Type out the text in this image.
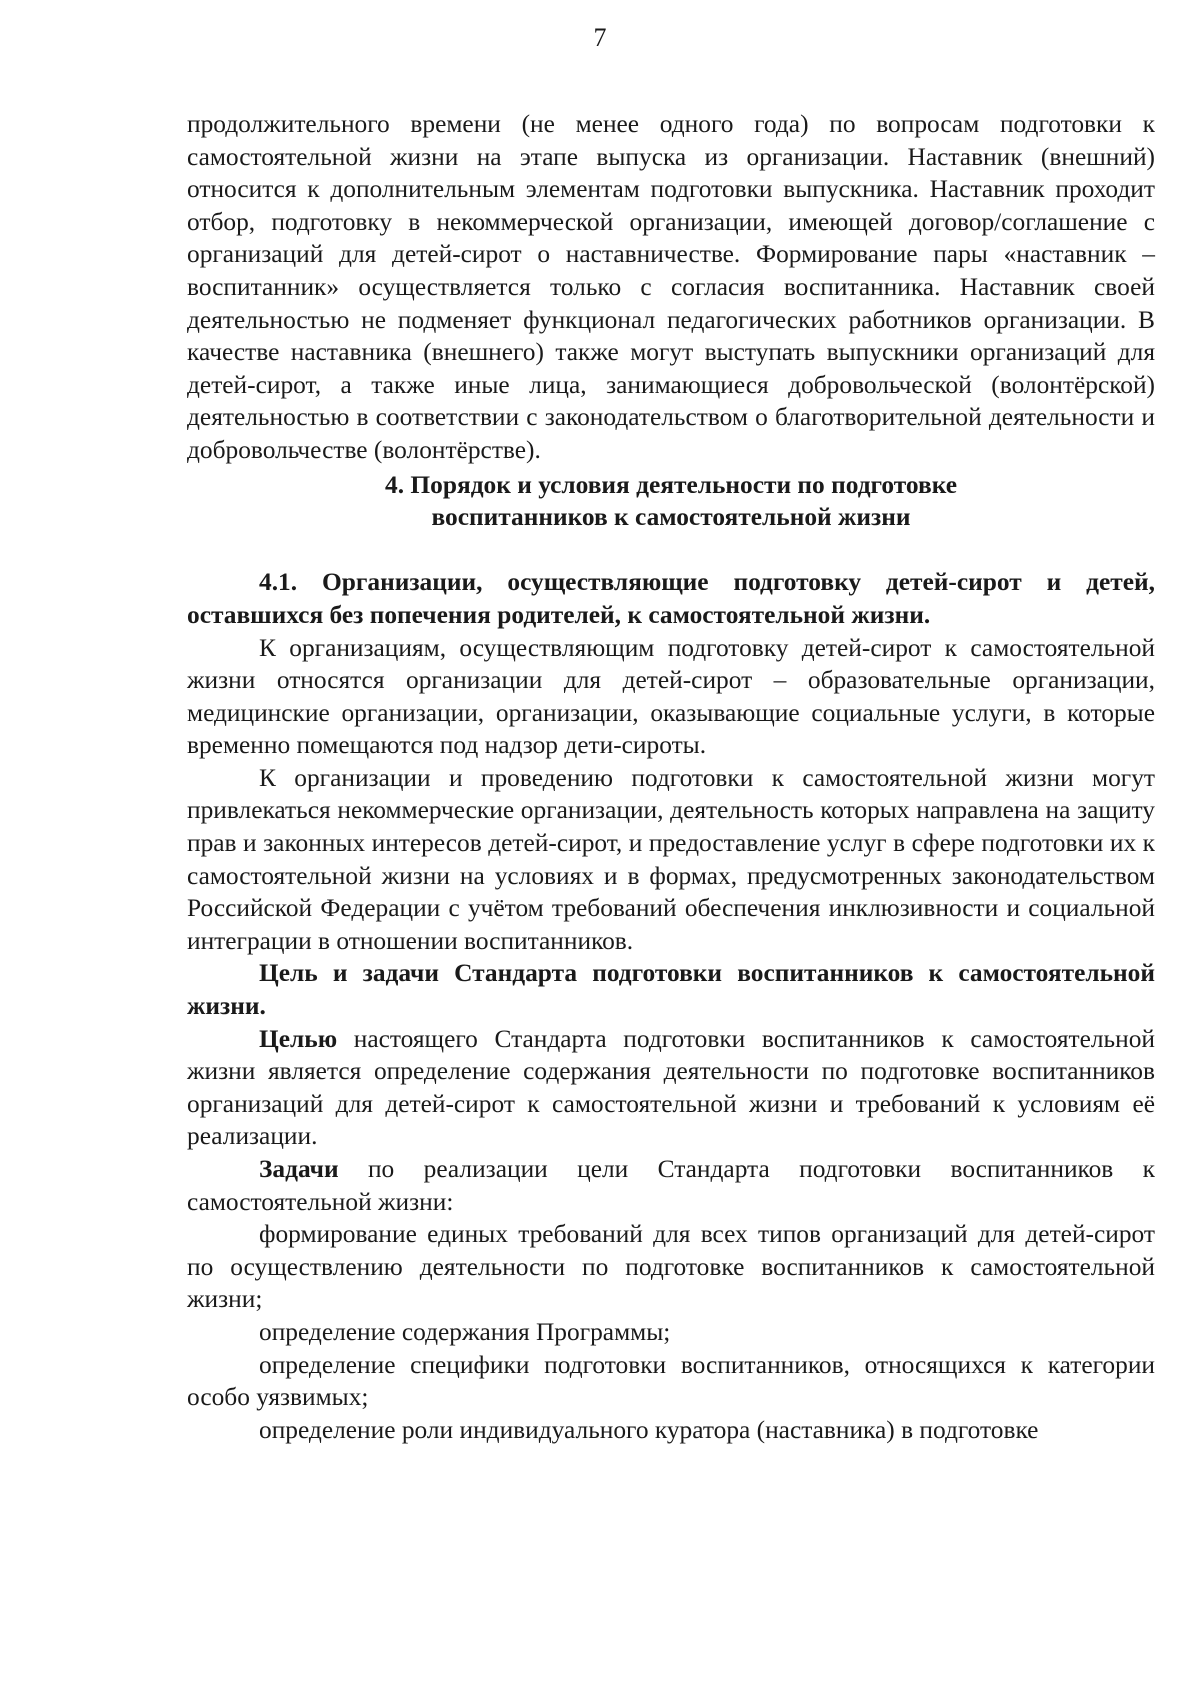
7

продолжительного времени (не менее одного года) по вопросам подготовки к самостоятельной жизни на этапе выпуска из организации. Наставник (внешний) относится к дополнительным элементам подготовки выпускника. Наставник проходит отбор, подготовку в некоммерческой организации, имеющей договор/соглашение с организаций для детей-сирот о наставничестве. Формирование пары «наставник – воспитанник» осуществляется только с согласия воспитанника. Наставник своей деятельностью не подменяет функционал педагогических работников организации. В качестве наставника (внешнего) также могут выступать выпускники организаций для детей-сирот, а также иные лица, занимающиеся добровольческой (волонтёрской) деятельностью в соответствии с законодательством о благотворительной деятельности и добровольчестве (волонтёрстве).

4. Порядок и условия деятельности по подготовке
воспитанников к самостоятельной жизни

4.1. Организации, осуществляющие подготовку детей-сирот и детей, оставшихся без попечения родителей, к самостоятельной жизни.

К организациям, осуществляющим подготовку детей-сирот к самостоятельной жизни относятся организации для детей-сирот – образовательные организации, медицинские организации, организации, оказывающие социальные услуги, в которые временно помещаются под надзор дети-сироты.

К организации и проведению подготовки к самостоятельной жизни могут привлекаться некоммерческие организации, деятельность которых направлена на защиту прав и законных интересов детей-сирот, и предоставление услуг в сфере подготовки их к самостоятельной жизни на условиях и в формах, предусмотренных законодательством Российской Федерации с учётом требований обеспечения инклюзивности и социальной интеграции в отношении воспитанников.

Цель и задачи Стандарта подготовки воспитанников к самостоятельной жизни.

Целью настоящего Стандарта подготовки воспитанников к самостоятельной жизни является определение содержания деятельности по подготовке воспитанников организаций для детей-сирот к самостоятельной жизни и требований к условиям её реализации.

Задачи по реализации цели Стандарта подготовки воспитанников к самостоятельной жизни:

формирование единых требований для всех типов организаций для детей-сирот по осуществлению деятельности по подготовке воспитанников к самостоятельной жизни;

определение содержания Программы;

определение специфики подготовки воспитанников, относящихся к категории особо уязвимых;

определение роли индивидуального куратора (наставника) в подготовке
